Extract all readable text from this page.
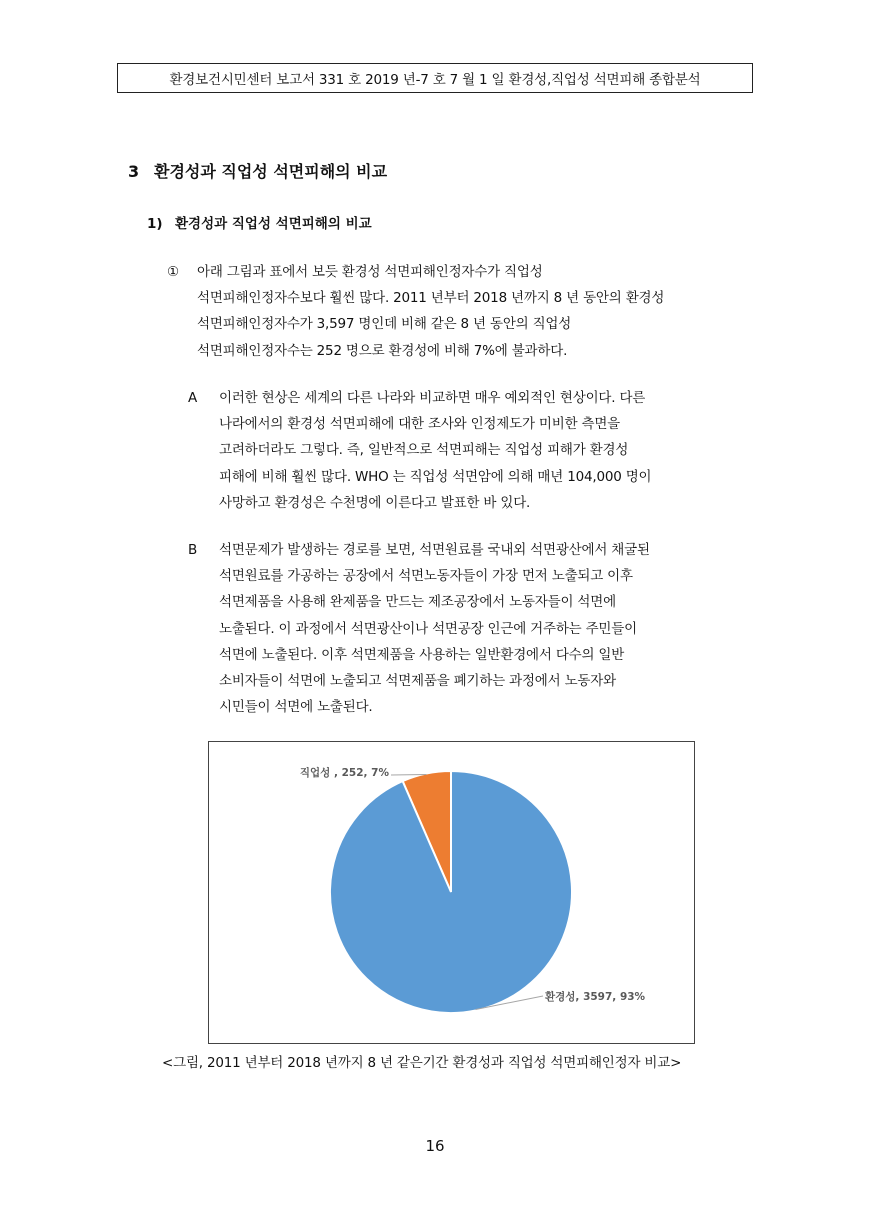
환경보건시민센터 보고서 331 호 2019 년-7 호 7 월 1 일 환경성,직업성 석면피해 종합분석
3 환경성과 직업성 석면피해의 비교
1) 환경성과 직업성 석면피해의 비교
① 아래 그림과 표에서 보듯 환경성 석면피해인정자수가 직업성
석면피해인정자수보다 훨씬 많다. 2011 년부터 2018 년까지 8 년 동안의 환경성
석면피해인정자수가 3,597 명인데 비해 같은 8 년 동안의 직업성
석면피해인정자수는 252 명으로 환경성에 비해 7%에 불과하다.
A 이러한 현상은 세계의 다른 나라와 비교하면 매우 예외적인 현상이다. 다른
나라에서의 환경성 석면피해에 대한 조사와 인정제도가 미비한 측면을
고려하더라도 그렇다. 즉, 일반적으로 석면피해는 직업성 피해가 환경성
피해에 비해 훨씬 많다. WHO 는 직업성 석면암에 의해 매년 104,000 명이
사망하고 환경성은 수천명에 이른다고 발표한 바 있다.
B 석면문제가 발생하는 경로를 보면, 석면원료를 국내외 석면광산에서 채굴된
석면원료를 가공하는 공장에서 석면노동자들이 가장 먼저 노출되고 이후
석면제품을 사용해 완제품을 만드는 제조공장에서 노동자들이 석면에
노출된다. 이 과정에서 석면광산이나 석면공장 인근에 거주하는 주민들이
석면에 노출된다. 이후 석면제품을 사용하는 일반환경에서 다수의 일반
소비자들이 석면에 노출되고 석면제품을 폐기하는 과정에서 노동자와
시민들이 석면에 노출된다.
직업성 , 252, 7%
환경성, 3597, 93%
<그림, 2011 년부터 2018 년까지 8 년 같은기간 환경성과 직업성 석면피해인정자 비교>
16
